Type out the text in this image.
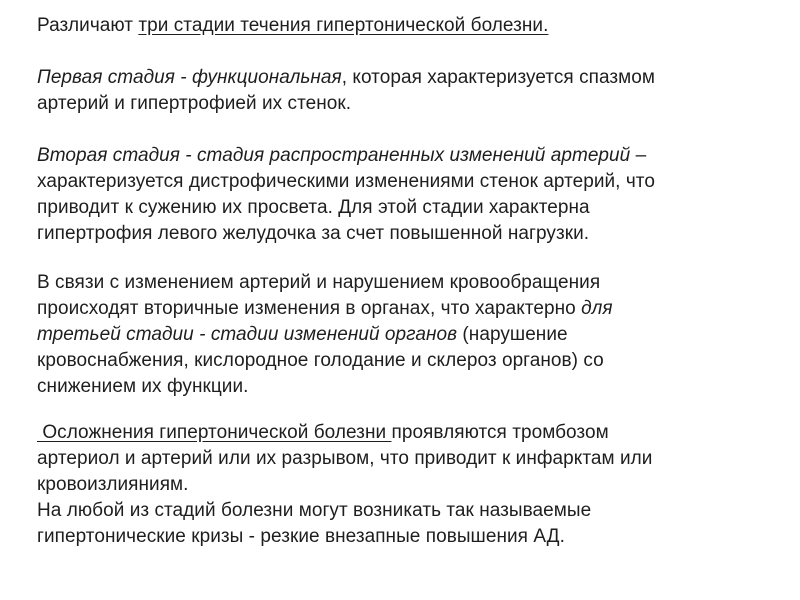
Различают три стадии течения гипертонической болезни.
Первая стадия - функциональная, которая характеризуется спазмом
артерий и гипертрофией их стенок.
Вторая стадия - стадия распространенных изменений артерий –
характеризуется дистрофическими изменениями стенок артерий, что
приводит к сужению их просвета. Для этой стадии характерна
гипертрофия левого желудочка за счет повышенной нагрузки.
В связи с изменением артерий и нарушением кровообращения
происходят вторичные изменения в органах, что характерно для
третьей стадии - стадии изменений органов (нарушение
кровоснабжения, кислородное голодание и склероз органов) со
снижением их функции.
Осложнения гипертонической болезни проявляются тромбозом
артериол и артерий или их разрывом, что приводит к инфарктам или
кровоизлияниям.
На любой из стадий болезни могут возникать так называемые
гипертонические кризы - резкие внезапные повышения АД.
